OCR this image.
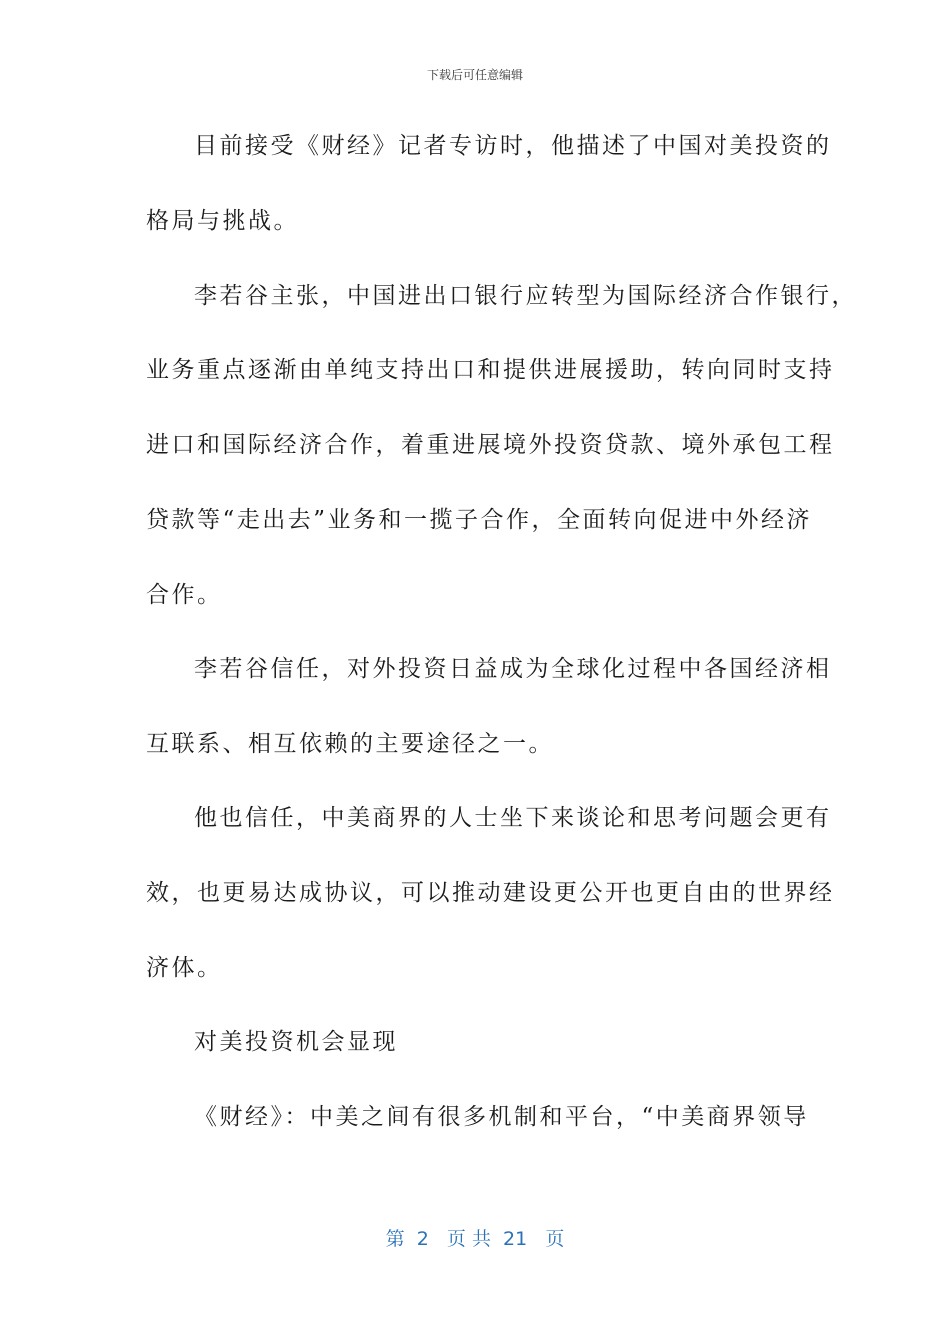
下载后可任意编辑
目前接受《财经》记者专访时，他描述了中国对美投资的
格局与挑战。
李若谷主张，中国进出口银行应转型为国际经济合作银行，
业务重点逐渐由单纯支持出口和提供进展援助，转向同时支持
进口和国际经济合作，着重进展境外投资贷款、境外承包工程
贷款等“走出去”业务和一揽子合作，全面转向促进中外经济
合作。
李若谷信任，对外投资日益成为全球化过程中各国经济相
互联系、相互依赖的主要途径之一。
他也信任，中美商界的人士坐下来谈论和思考问题会更有
效，也更易达成协议，可以推动建设更公开也更自由的世界经
济体。
对美投资机会显现
《财经》：中美之间有很多机制和平台，“中美商界领导
第  2   页 共  21   页
